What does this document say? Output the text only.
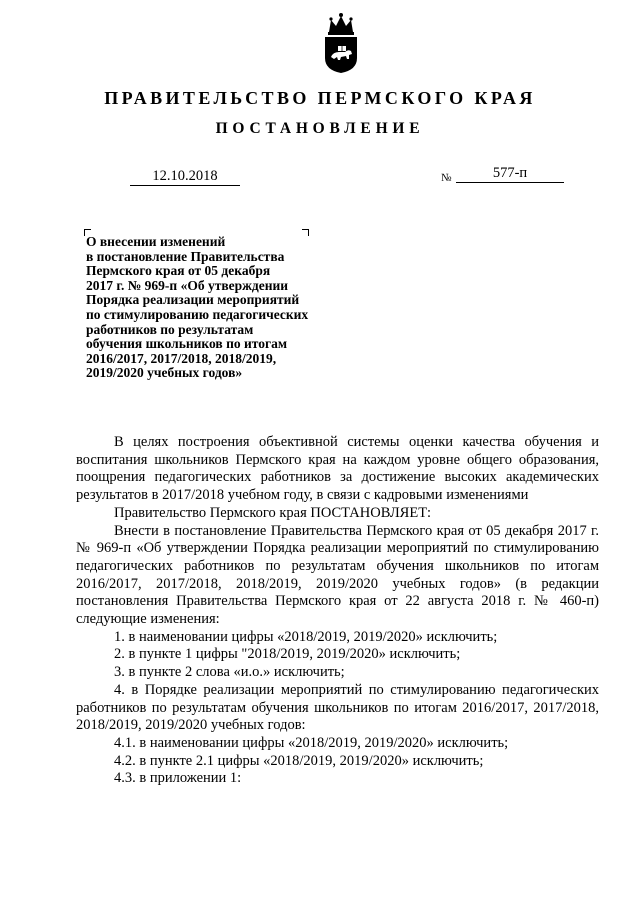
ПРАВИТЕЛЬСТВО ПЕРМСКОГО КРАЯ
ПОСТАНОВЛЕНИЕ
12.10.2018	№	577-п
О внесении изменений
в постановление Правительства
Пермского края от 05 декабря
2017 г. № 969-п «Об утверждении
Порядка реализации мероприятий
по стимулированию педагогических
работников по результатам
обучения школьников по итогам
2016/2017, 2017/2018, 2018/2019,
2019/2020 учебных годов»

В целях построения объективной системы оценки качества обучения и воспитания школьников Пермского края на каждом уровне общего образования, поощрения педагогических работников за достижение высоких академических результатов в 2017/2018 учебном году, в связи с кадровыми изменениями

Правительство Пермского края ПОСТАНОВЛЯЕТ:

Внести в постановление Правительства Пермского края от 05 декабря 2017 г. № 969-п «Об утверждении Порядка реализации мероприятий по стимулированию педагогических работников по результатам обучения школьников по итогам 2016/2017, 2017/2018, 2018/2019, 2019/2020 учебных годов» (в редакции постановления Правительства Пермского края от 22 августа 2018 г. № 460-п) следующие изменения:

1. в наименовании цифры «2018/2019, 2019/2020» исключить;

2. в пункте 1 цифры "2018/2019, 2019/2020» исключить;

3. в пункте 2 слова «и.о.» исключить;

4. в Порядке реализации мероприятий по стимулированию педагогических работников по результатам обучения школьников по итогам 2016/2017, 2017/2018, 2018/2019, 2019/2020 учебных годов:

4.1. в наименовании цифры «2018/2019, 2019/2020» исключить;

4.2. в пункте 2.1 цифры «2018/2019, 2019/2020» исключить;

4.3. в приложении 1:
